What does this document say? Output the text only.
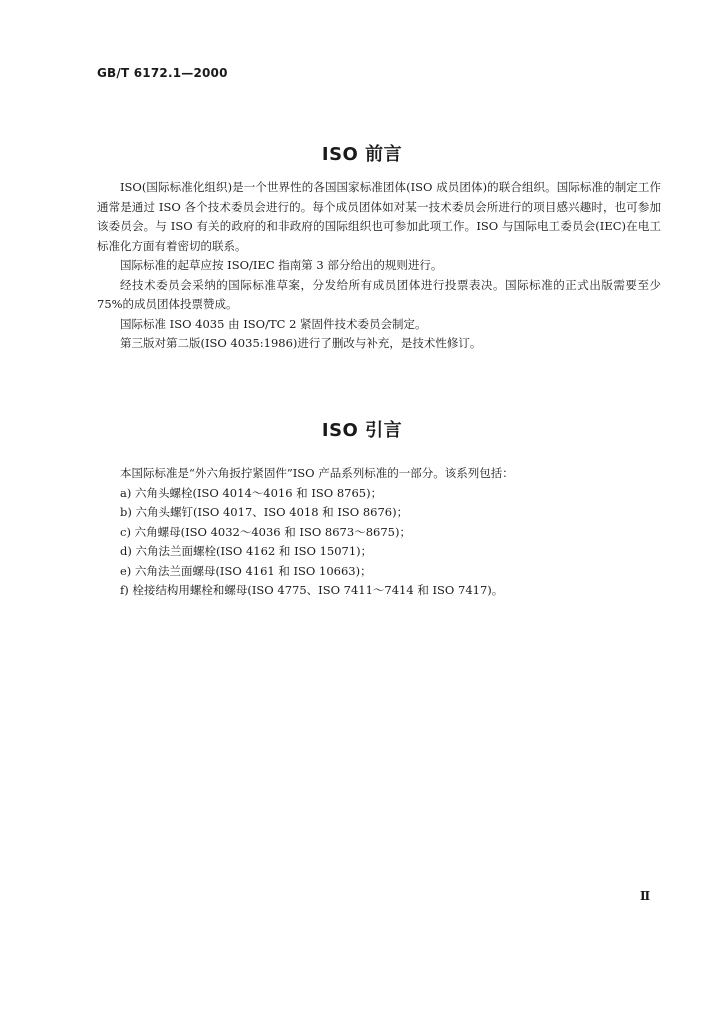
GB/T 6172.1—2000
ISO 前言

ISO(国际标准化组织)是一个世界性的各国国家标准团体(ISO 成员团体)的联合组织。国际标准的制定工作通常是通过 ISO 各个技术委员会进行的。每个成员团体如对某一技术委员会所进行的项目感兴趣时，也可参加该委员会。与 ISO 有关的政府的和非政府的国际组织也可参加此项工作。ISO 与国际电工委员会(IEC)在电工标准化方面有着密切的联系。

国际标准的起草应按 ISO/IEC 指南第 3 部分给出的规则进行。

经技术委员会采纳的国际标准草案，分发给所有成员团体进行投票表决。国际标准的正式出版需要至少 75%的成员团体投票赞成。

国际标准 ISO 4035 由 ISO/TC 2 紧固件技术委员会制定。

第三版对第二版(ISO 4035:1986)进行了删改与补充，是技术性修订。

ISO 引言

本国际标准是“外六角扳拧紧固件”ISO 产品系列标准的一部分。该系列包括：

a) 六角头螺栓(ISO 4014～4016 和 ISO 8765)；
b) 六角头螺钉(ISO 4017、ISO 4018 和 ISO 8676)；
c) 六角螺母(ISO 4032～4036 和 ISO 8673～8675)；
d) 六角法兰面螺栓(ISO 4162 和 ISO 15071)；
e) 六角法兰面螺母(ISO 4161 和 ISO 10663)；
f) 栓接结构用螺栓和螺母(ISO 4775、ISO 7411～7414 和 ISO 7417)。
Ⅱ
